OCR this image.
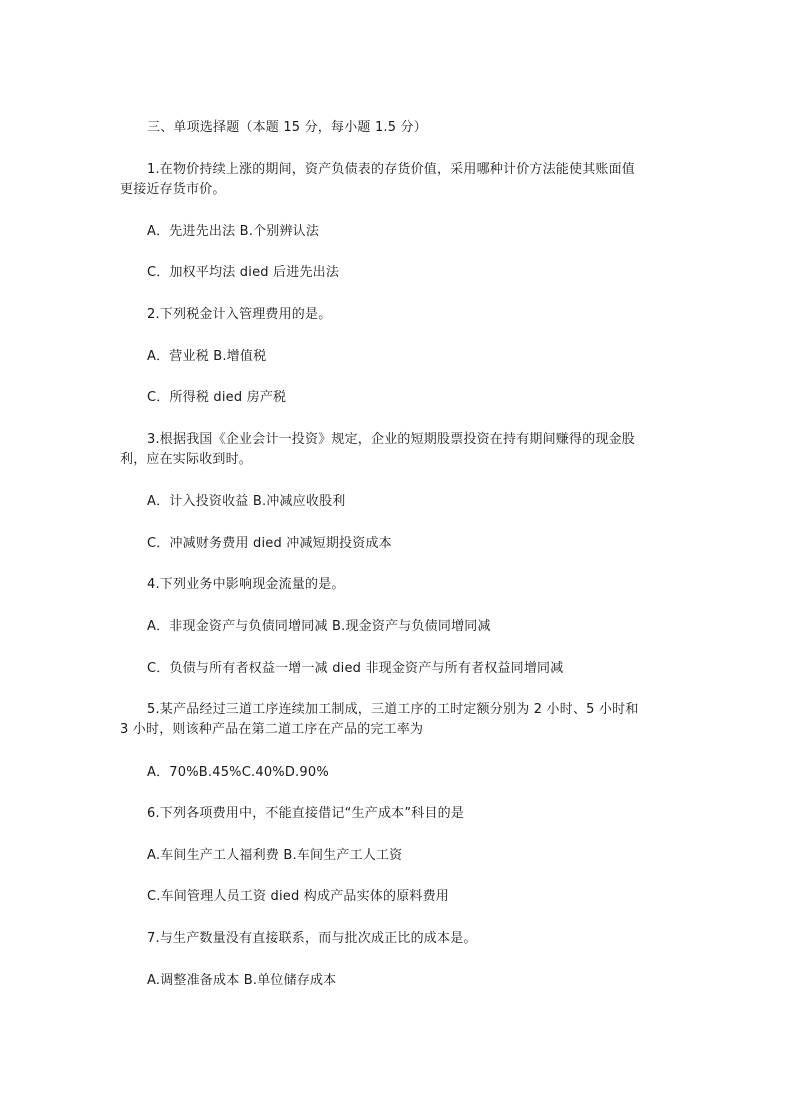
三、单项选择题（本题 15 分，每小题 1.5 分）
1.在物价持续上涨的期间，资产负债表的存货价值，采用哪种计价方法能使其账面值
更接近存货市价。
A．先进先出法 B.个别辨认法
C．加权平均法 died 后进先出法
2.下列税金计入管理费用的是。
A．营业税 B.增值税
C．所得税 died 房产税
3.根据我国《企业会计一投资》规定，企业的短期股票投资在持有期间赚得的现金股
利，应在实际收到时。
A．计入投资收益 B.冲减应收股利
C．冲减财务费用 died 冲减短期投资成本
4.下列业务中影响现金流量的是。
A．非现金资产与负债同增同减 B.现金资产与负债同增同减
C．负债与所有者权益一增一减 died 非现金资产与所有者权益同增同减
5.某产品经过三道工序连续加工制成，三道工序的工时定额分别为 2 小时、5 小时和
3 小时，则该种产品在第二道工序在产品的完工率为
A．70%B.45%C.40%D.90%
6.下列各项费用中，不能直接借记“生产成本”科目的是
A.车间生产工人福利费 B.车间生产工人工资
C.车间管理人员工资 died 构成产品实体的原料费用
7.与生产数量没有直接联系，而与批次成正比的成本是。
A.调整准备成本 B.单位储存成本
